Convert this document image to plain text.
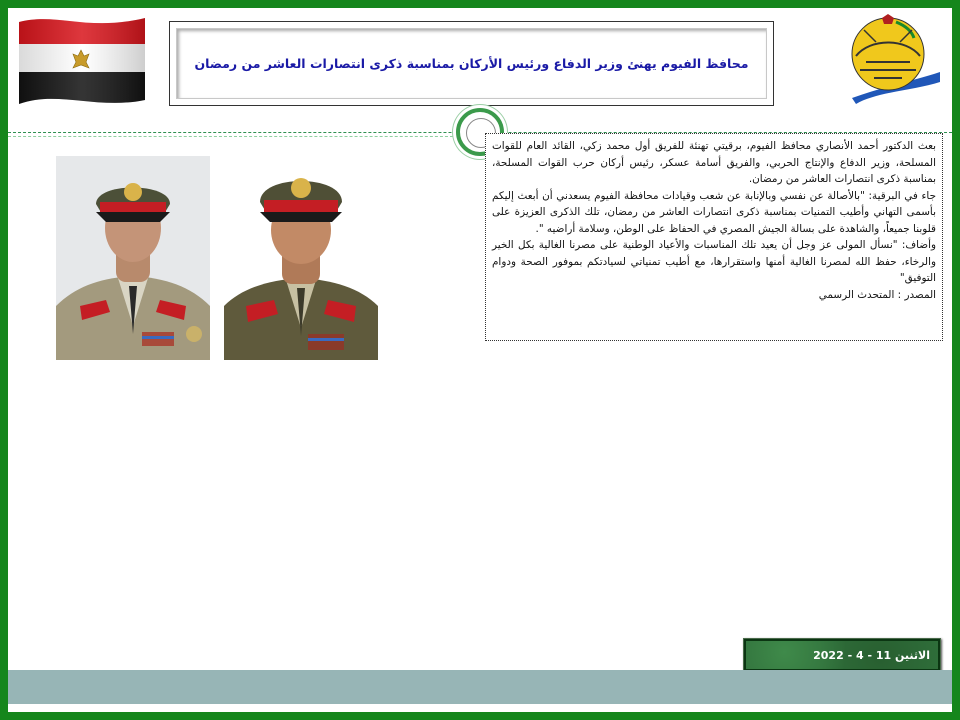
محافظ الفيوم يهنئ وزير الدفاع ورئيس الأركان بمناسبة ذكرى انتصارات العاشر من رمضان

بعث الدكتور أحمد الأنصاري محافظ الفيوم، برقيتي تهنئة للفريق أول محمد زكي، القائد العام للقوات المسلحة، وزير الدفاع والإنتاج الحربي، والفريق أسامة عسكر، رئيس أركان حرب القوات المسلحة، بمناسبة ذكرى انتصارات العاشر من رمضان.

جاء في البرقية: "بالأصالة عن نفسي وبالإنابة عن شعب وقيادات محافظة الفيوم يسعدني أن أبعث إليكم بأسمى التهاني وأطيب التمنيات بمناسبة ذكرى انتصارات العاشر من رمضان، تلك الذكرى العزيزة على قلوبنا جميعاً، والشاهدة على بسالة الجيش المصري في الحفاظ على الوطن، وسلامة أراضيه ".

وأضاف: "نسأل المولى عز وجل أن يعيد تلك المناسبات والأعياد الوطنية على مصرنا الغالية بكل الخير والرخاء، حفظ الله لمصرنا الغالية أمنها واستقرارها، مع أطيب تمنياتي لسيادتكم بموفور الصحة ودوام التوفيق"

المصدر : المتحدث الرسمي

الاثنين 11 - 4 - 2022
